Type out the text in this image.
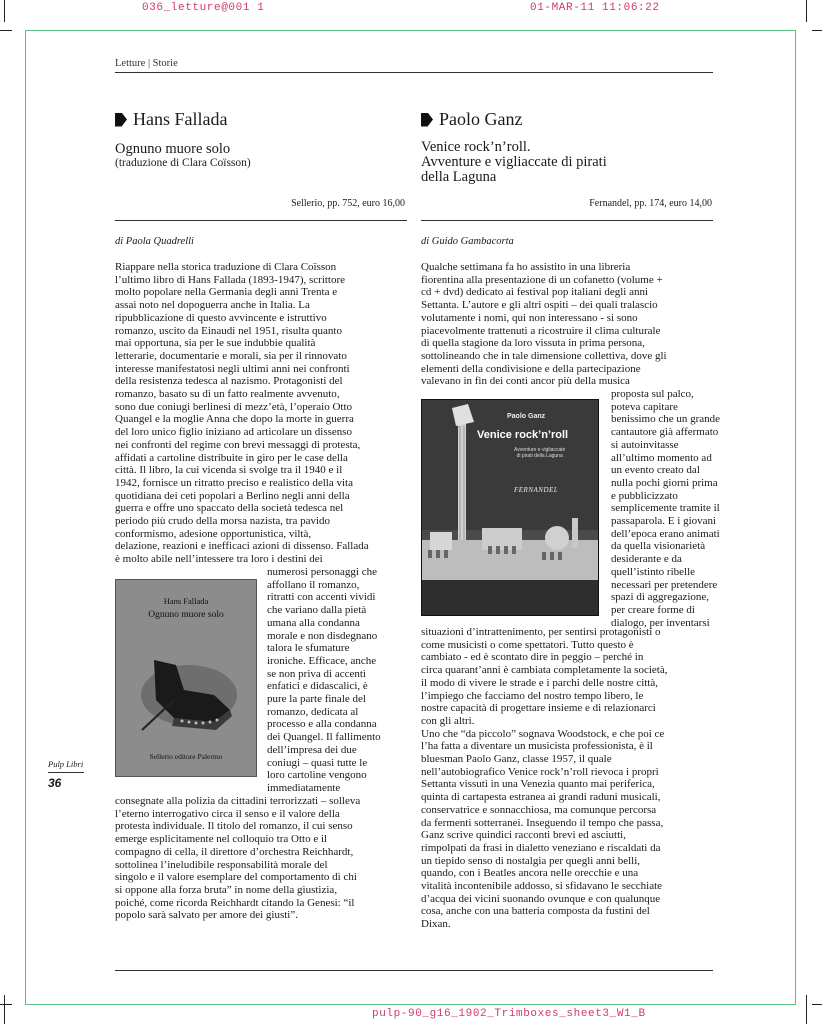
036_letture@001 1	01-MAR-11 11:06:22
pulp-90_g16_1902_Trimboxes_sheet3_W1_B
Letture | Storie
Hans Fallada
Ognuno muore solo
(traduzione di Clara Coïsson)
Sellerio, pp. 752, euro 16,00
di Paola Quadrelli
Riappare nella storica traduzione di Clara Coïsson
l’ultimo libro di Hans Fallada (1893-1947), scrittore
molto popolare nella Germania degli anni Trenta e
assai noto nel dopoguerra anche in Italia. La
ripubblicazione di questo avvincente e istruttivo
romanzo, uscito da Einaudi nel 1951, risulta quanto
mai opportuna, sia per le sue indubbie qualità
letterarie, documentarie e morali, sia per il rinnovato
interesse manifestatosi negli ultimi anni nei confronti
della resistenza tedesca al nazismo. Protagonisti del
romanzo, basato su di un fatto realmente avvenuto,
sono due coniugi berlinesi di mezz’età, l’operaio Otto
Quangel e la moglie Anna che dopo la morte in guerra
del loro unico figlio iniziano ad articolare un dissenso
nei confronti del regime con brevi messaggi di protesta,
affidati a cartoline distribuite in giro per le case della
città. Il libro, la cui vicenda si svolge tra il 1940 e il
1942, fornisce un ritratto preciso e realistico della vita
quotidiana dei ceti popolari a Berlino negli anni della
guerra e offre uno spaccato della società tedesca nel
periodo più crudo della morsa nazista, tra pavido
conformismo, adesione opportunistica, viltà,
delazione, reazioni e inefficaci azioni di dissenso. Fallada
è molto abile nell’intessere tra loro i destini dei
Hans Fallada
Ognuno muore solo
Sellerio editore Palermo
numerosi personaggi che
affollano il romanzo,
ritratti con accenti vividi
che variano dalla pietà
umana alla condanna
morale e non disdegnano
talora le sfumature
ironiche. Efficace, anche
se non priva di accenti
enfatici e didascalici, è
pure la parte finale del
romanzo, dedicata al
processo e alla condanna
dei Quangel. Il fallimento
dell’impresa dei due
coniugi – quasi tutte le
loro cartoline vengono
immediatamente
consegnate alla polizia da cittadini terrorizzati – solleva
l’eterno interrogativo circa il senso e il valore della
protesta individuale. Il titolo del romanzo, il cui senso
emerge esplicitamente nel colloquio tra Otto e il
compagno di cella, il direttore d’orchestra Reichhardt,
sottolinea l’ineludibile responsabilità morale del
singolo e il valore esemplare del comportamento di chi
si oppone alla forza bruta” in nome della giustizia,
poiché, come ricorda Reichhardt citando la Genesi: “il
popolo sarà salvato per amore dei giusti”.
Pulp Libri
36
Paolo Ganz
Venice rock’n’roll.
Avventure e vigliaccate di pirati
della Laguna
Fernandel, pp. 174, euro 14,00
di Guido Gambacorta
Qualche settimana fa ho assistito in una libreria
fiorentina alla presentazione di un cofanetto (volume +
cd + dvd) dedicato ai festival pop italiani degli anni
Settanta. L’autore e gli altri ospiti – dei quali tralascio
volutamente i nomi, qui non interessano - si sono
piacevolmente trattenuti a ricostruire il clima culturale
di quella stagione da loro vissuta in prima persona,
sottolineando che in tale dimensione collettiva, dove gli
elementi della condivisione e della partecipazione
valevano in fin dei conti ancor più della musica
Paolo Ganz
Venice rock’n’roll
Avventure e vigliaccate
di pirati della Laguna
FERNANDEL
proposta sul palco,
poteva capitare
benissimo che un grande
cantautore già affermato
si autoinvitasse
all’ultimo momento ad
un evento creato dal
nulla pochi giorni prima
e pubblicizzato
semplicemente tramite il
passaparola. E i giovani
dell’epoca erano animati
da quella visionarietà
desiderante e da
quell’istinto ribelle
necessari per pretendere
spazi di aggregazione,
per creare forme di
dialogo, per inventarsi
situazioni d’intrattenimento, per sentirsi protagonisti o
come musicisti o come spettatori. Tutto questo è
cambiato - ed è scontato dire in peggio – perché in
circa quarant’anni è cambiata completamente la società,
il modo di vivere le strade e i parchi delle nostre città,
l’impiego che facciamo del nostro tempo libero, le
nostre capacità di progettare insieme e di relazionarci
con gli altri.
Uno che “da piccolo” sognava Woodstock, e che poi ce
l’ha fatta a diventare un musicista professionista, è il
bluesman Paolo Ganz, classe 1957, il quale
nell’autobiografico Venice rock’n’roll rievoca i propri
Settanta vissuti in una Venezia quanto mai periferica,
quinta di cartapesta estranea ai grandi raduni musicali,
conservatrice e sonnacchiosa, ma comunque percorsa
da fermenti sotterranei. Inseguendo il tempo che passa,
Ganz scrive quindici racconti brevi ed asciutti,
rimpolpati da frasi in dialetto veneziano e riscaldati da
un tiepido senso di nostalgia per quegli anni belli,
quando, con i Beatles ancora nelle orecchie e una
vitalità incontenibile addosso, si sfidavano le secchiate
d’acqua dei vicini suonando ovunque e con qualunque
cosa, anche con una batteria composta da fustini del
Dixan.
